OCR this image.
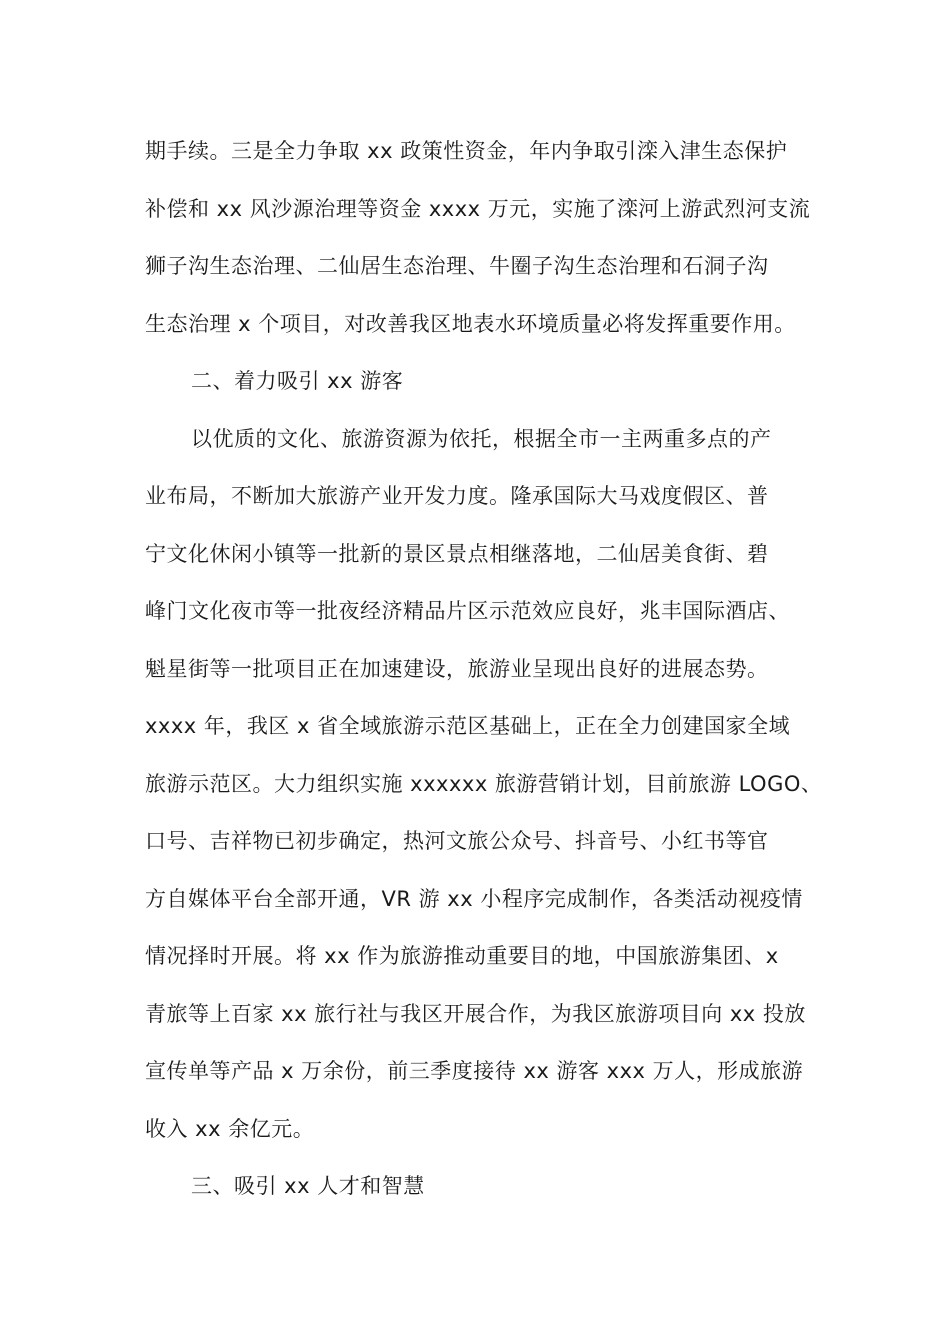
期手续。三是全力争取 xx 政策性资金，年内争取引滦入津生态保护
补偿和 xx 风沙源治理等资金 xxxx 万元，实施了滦河上游武烈河支流
狮子沟生态治理、二仙居生态治理、牛圈子沟生态治理和石洞子沟
生态治理 x 个项目，对改善我区地表水环境质量必将发挥重要作用。
二、着力吸引 xx 游客
以优质的文化、旅游资源为依托，根据全市一主两重多点的产
业布局，不断加大旅游产业开发力度。隆承国际大马戏度假区、普
宁文化休闲小镇等一批新的景区景点相继落地，二仙居美食街、碧
峰门文化夜市等一批夜经济精品片区示范效应良好，兆丰国际酒店、
魁星街等一批项目正在加速建设，旅游业呈现出良好的进展态势。
xxxx 年，我区 x 省全域旅游示范区基础上，正在全力创建国家全域
旅游示范区。大力组织实施 xxxxxx 旅游营销计划，目前旅游 LOGO、
口号、吉祥物已初步确定，热河文旅公众号、抖音号、小红书等官
方自媒体平台全部开通，VR 游 xx 小程序完成制作，各类活动视疫情
情况择时开展。将 xx 作为旅游推动重要目的地，中国旅游集团、x
青旅等上百家 xx 旅行社与我区开展合作，为我区旅游项目向 xx 投放
宣传单等产品 x 万余份，前三季度接待 xx 游客 xxx 万人，形成旅游
收入 xx 余亿元。
三、吸引 xx 人才和智慧
